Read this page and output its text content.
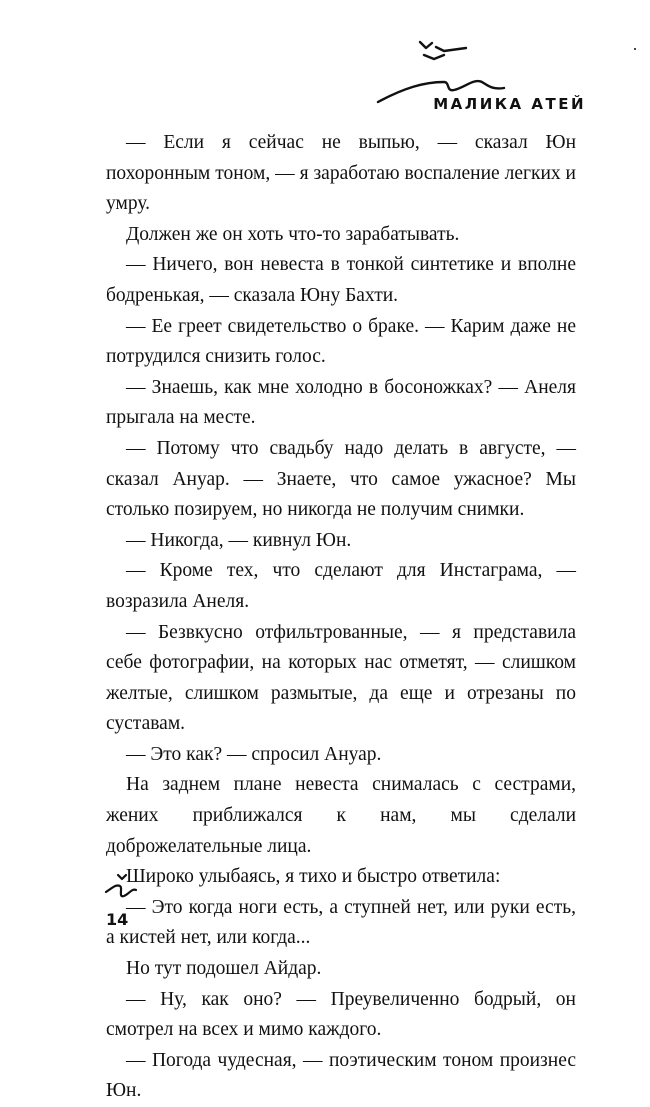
МАЛИКА АТЕЙ

— Если я сейчас не выпью, — сказал Юн похоронным тоном, — я заработаю воспаление легких и умру.

Должен же он хоть что-то зарабатывать.

— Ничего, вон невеста в тонкой синтетике и вполне бодренькая, — сказала Юну Бахти.

— Ее греет свидетельство о браке. — Карим даже не потрудился снизить голос.

— Знаешь, как мне холодно в босоножках? — Анеля прыгала на месте.

— Потому что свадьбу надо делать в августе, — сказал Ануар. — Знаете, что самое ужасное? Мы столько позируем, но никогда не получим снимки.

— Никогда, — кивнул Юн.

— Кроме тех, что сделают для Инстаграма, — возразила Анеля.

— Безвкусно отфильтрованные, — я представила себе фотографии, на которых нас отметят, — слишком желтые, слишком размытые, да еще и отрезаны по суставам.

— Это как? — спросил Ануар.

На заднем плане невеста снималась с сестрами, жених приближался к нам, мы сделали доброжелательные лица.

Широко улыбаясь, я тихо и быстро ответила:

— Это когда ноги есть, а ступней нет, или руки есть, а кистей нет, или когда...

Но тут подошел Айдар.

— Ну, как оно? — Преувеличенно бодрый, он смотрел на всех и мимо каждого.

— Погода чудесная, — поэтическим тоном произнес Юн.

14
